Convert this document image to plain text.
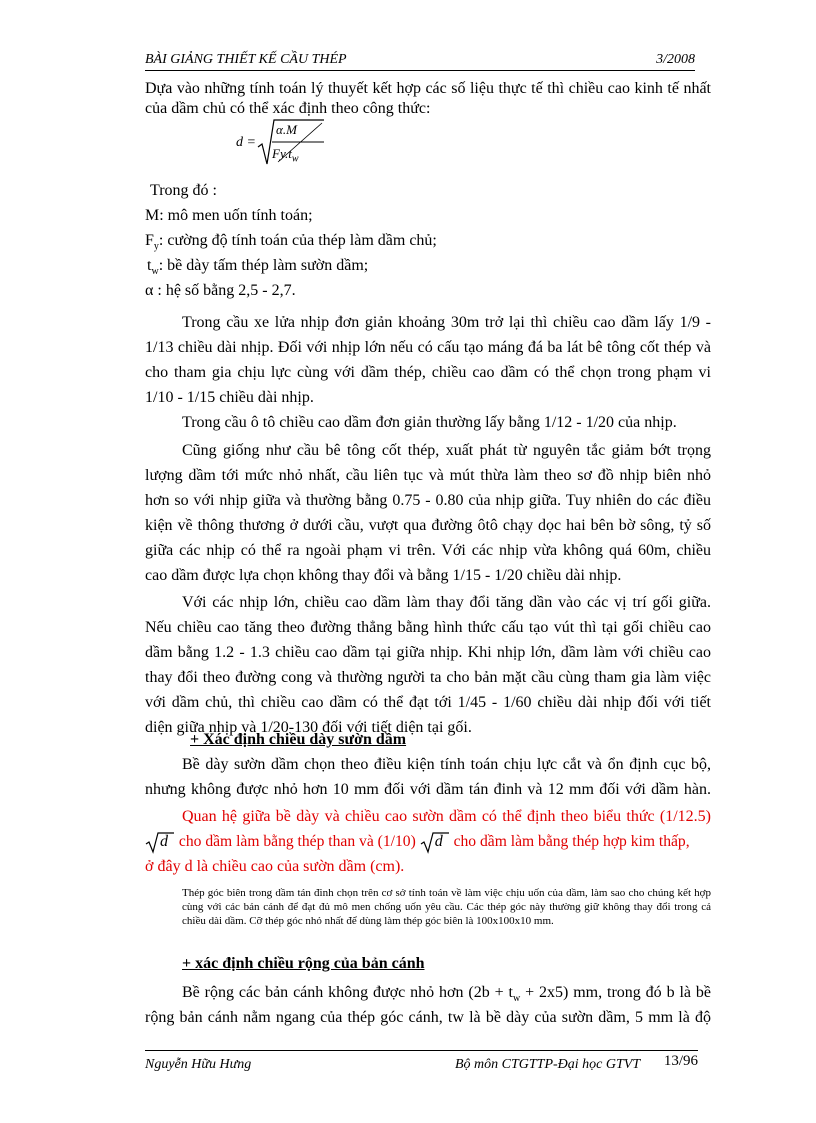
BÀI GIẢNG THIẾT KẾ CẦU THÉP	3/2008
Dựa vào những tính toán lý thuyết kết hợp các số liệu thực tế thì chiều cao kinh tế nhất
của dầm chủ có thể xác định theo công thức:
d =
α.M
$Fy.t_w$
Trong đó :
M: mô men uốn tính toán;
$F_y$: cường độ tính toán của thép làm dầm chủ;
$t_w$: bề dày tấm thép làm sườn dầm;
α : hệ số bằng 2,5 - 2,7.
Trong cầu xe lửa nhịp đơn giản khoảng 30m trở lại thì chiều cao dầm lấy 1/9 -
1/13 chiều dài nhịp. Đối với nhịp lớn nếu có cấu tạo máng đá ba lát bê tông cốt thép và
cho tham gia chịu lực cùng với dầm thép, chiều cao dầm có thể chọn trong phạm vi
1/10 - 1/15 chiều dài nhịp.
Trong cầu ô tô chiều cao dầm đơn giản thường lấy bằng 1/12 - 1/20 của nhịp.
Cũng giống như cầu bê tông cốt thép, xuất phát từ nguyên tắc giảm bớt trọng
lượng dầm tới mức nhỏ nhất, cầu liên tục và mút thừa làm theo sơ đồ nhịp biên nhỏ
hơn so với nhịp giữa và thường bằng 0.75 - 0.80 của nhịp giữa. Tuy nhiên do các điều
kiện về thông thương ở dưới cầu, vượt qua đường ôtô chạy dọc hai bên bờ sông, tỷ số
giữa các nhịp có thể ra ngoài phạm vi trên. Với các nhịp vừa không quá 60m, chiều
cao dầm được lựa chọn không thay đổi và bằng 1/15 - 1/20 chiều dài nhịp.
Với các nhịp lớn, chiều cao dầm làm thay đổi tăng dần vào các vị trí gối giữa.
Nếu chiều cao tăng theo đường thẳng bằng hình thức cấu tạo vút thì tại gối chiều cao
dầm bằng 1.2 - 1.3 chiều cao dầm tại giữa nhịp. Khi nhịp lớn, dầm làm với chiều cao
thay đổi theo đường cong và thường người ta cho bản mặt cầu cùng tham gia làm việc
với dầm chủ, thì chiều cao dầm có thể đạt tới 1/45 - 1/60 chiều dài nhịp đối với tiết
diện giữa nhịp và 1/20-130 đối với tiết diện tại gối.
+ Xác định chiều dày sườn dầm
Bề dày sườn dầm chọn theo điều kiện tính toán chịu lực cắt và ổn định cục bộ,
nhưng không được nhỏ hơn 10 mm đối với dầm tán đinh và 12 mm đối với dầm hàn.
Quan hệ giữa bề dày và chiều cao sườn dầm có thể định theo biểu thức (1/12.5)
d cho dầm làm bằng thép than và (1/10) d cho dầm làm bằng thép hợp kim thấp,
ở đây d là chiều cao của sườn dầm (cm).
Thép góc biên trong dầm tán đinh chọn trên cơ sở tính toán về làm việc chịu uốn của dầm, làm sao cho chúng kết hợp cùng với các bản cánh để đạt đủ mô men chống uốn yêu cầu. Các thép góc này thường giữ không thay đổi trong cả chiều dài dầm. Cỡ thép góc nhỏ nhất để dùng làm thép góc biên là 100x100x10 mm.
+ xác định chiều rộng của bản cánh
Bề rộng các bản cánh không được nhỏ hơn $(2b + t_w + 2x5)$ mm, trong đó b là bề
rộng bản cánh nằm ngang của thép góc cánh, tw là bề dày của sườn dầm, 5 mm là độ
Nguyễn Hữu Hưng	Bộ môn CTGTTP-Đại học GTVT 13/96
